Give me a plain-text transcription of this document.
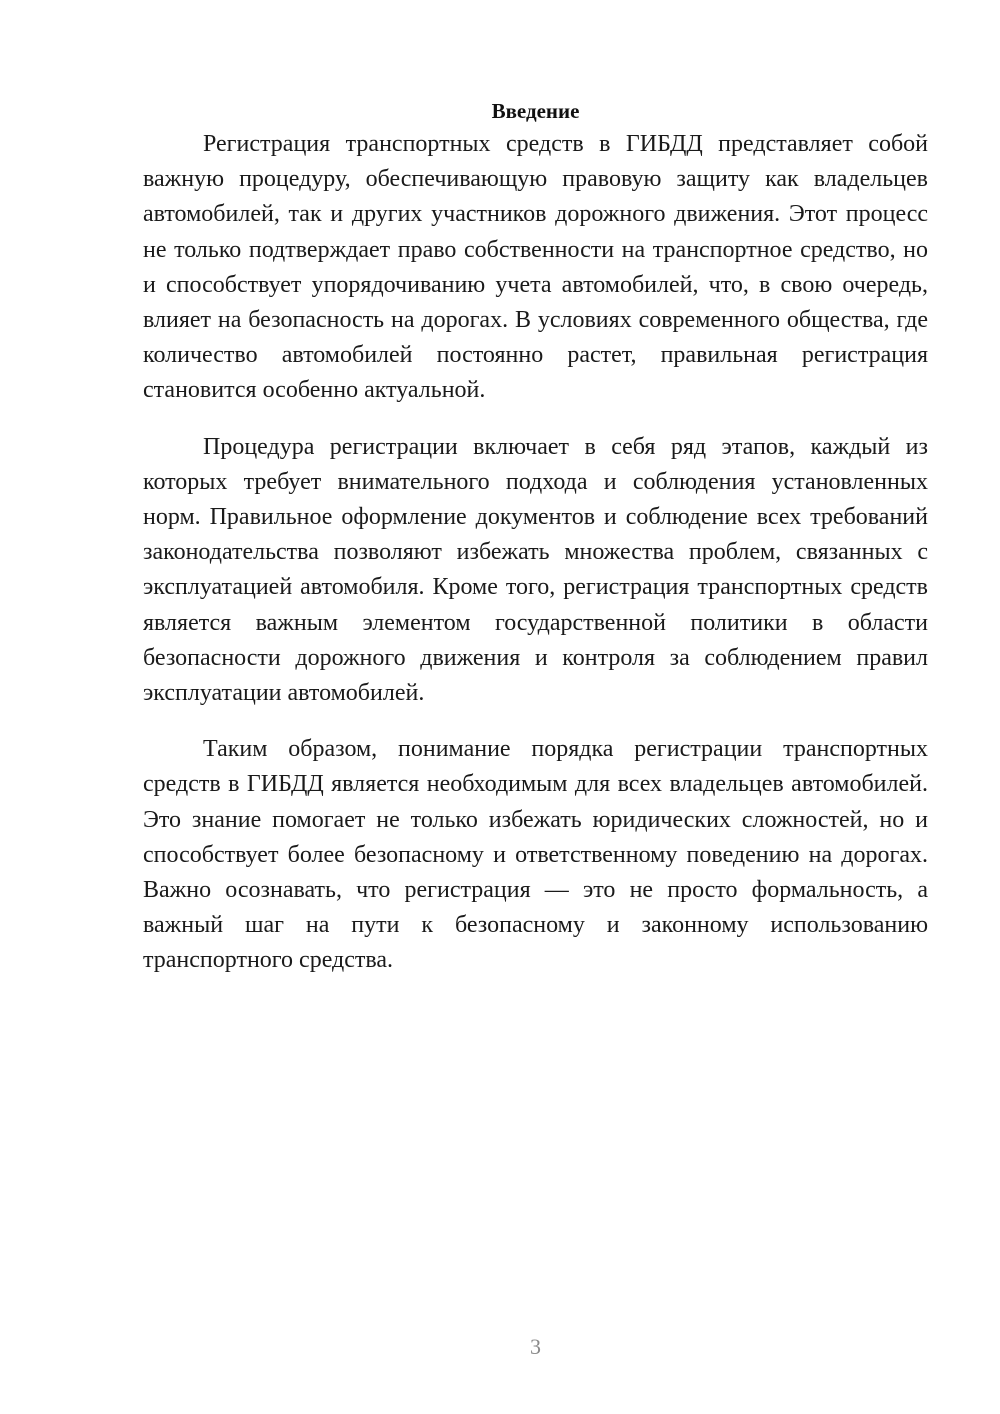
Введение

Регистрация транспортных средств в ГИБДД представляет собой важную процедуру, обеспечивающую правовую защиту как владельцев автомобилей, так и других участников дорожного движения. Этот процесс не только подтверждает право собственности на транспортное средство, но и способствует упорядочиванию учета автомобилей, что, в свою очередь, влияет на безопасность на дорогах. В условиях современного общества, где количество автомобилей постоянно растет, правильная регистрация становится особенно актуальной.

Процедура регистрации включает в себя ряд этапов, каждый из которых требует внимательного подхода и соблюдения установленных норм. Правильное оформление документов и соблюдение всех требований законодательства позволяют избежать множества проблем, связанных с эксплуатацией автомобиля. Кроме того, регистрация транспортных средств является важным элементом государственной политики в области безопасности дорожного движения и контроля за соблюдением правил эксплуатации автомобилей.

Таким образом, понимание порядка регистрации транспортных средств в ГИБДД является необходимым для всех владельцев автомобилей. Это знание помогает не только избежать юридических сложностей, но и способствует более безопасному и ответственному поведению на дорогах. Важно осознавать, что регистрация — это не просто формальность, а важный шаг на пути к безопасному и законному использованию транспортного средства.

3
